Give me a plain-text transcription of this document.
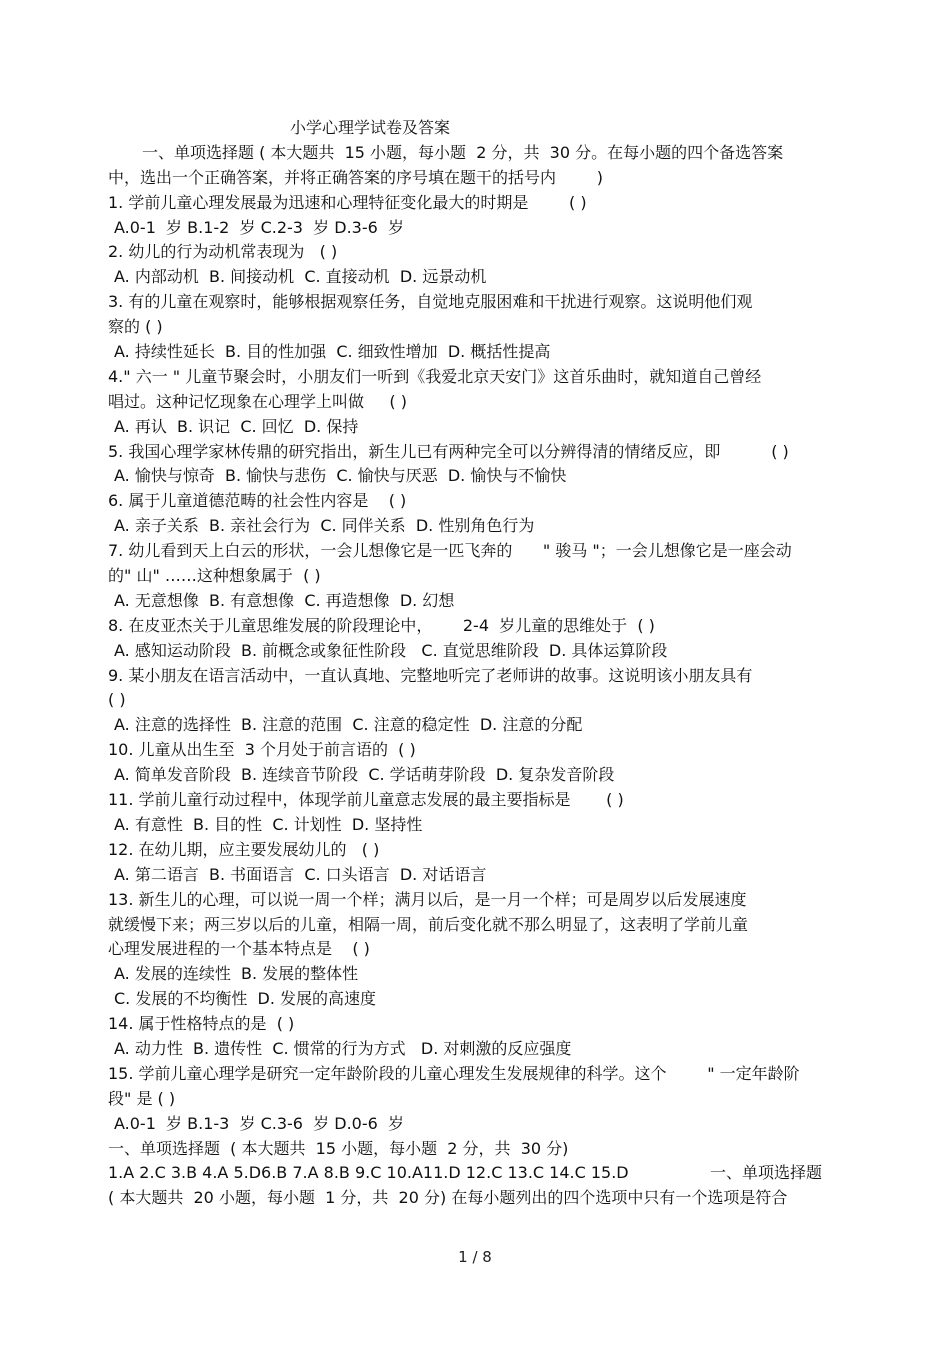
小学心理学试卷及答案
一、单项选择题 ( 本大题共  15 小题，每小题  2 分，共  30 分。在每小题的四个备选答案
中，选出一个正确答案，并将正确答案的序号填在题干的括号内        )
1. 学前儿童心理发展最为迅速和心理特征变化最大的时期是        ( )
A.0-1  岁 B.1-2  岁 C.2-3  岁 D.3-6  岁
2. 幼儿的行为动机常表现为   ( )
A. 内部动机  B. 间接动机  C. 直接动机  D. 远景动机
3. 有的儿童在观察时，能够根据观察任务，自觉地克服困难和干扰进行观察。这说明他们观
察的 ( )
A. 持续性延长  B. 目的性加强  C. 细致性增加  D. 概括性提高
4." 六一 " 儿童节聚会时，小朋友们一听到《我爱北京天安门》这首乐曲时，就知道自己曾经
唱过。这种记忆现象在心理学上叫做     ( )
A. 再认  B. 识记  C. 回忆  D. 保持
5. 我国心理学家林传鼎的研究指出，新生儿已有两种完全可以分辨得清的情绪反应，即          ( )
A. 愉快与惊奇  B. 愉快与悲伤  C. 愉快与厌恶  D. 愉快与不愉快
6. 属于儿童道德范畴的社会性内容是    ( )
A. 亲子关系  B. 亲社会行为  C. 同伴关系  D. 性别角色行为
7. 幼儿看到天上白云的形状，一会儿想像它是一匹飞奔的      " 骏马 "；一会儿想像它是一座会动
的" 山" ……这种想象属于  ( )
A. 无意想像  B. 有意想像  C. 再造想像  D. 幻想
8. 在皮亚杰关于儿童思维发展的阶段理论中，      2-4  岁儿童的思维处于  ( )
A. 感知运动阶段  B. 前概念或象征性阶段   C. 直觉思维阶段  D. 具体运算阶段
9. 某小朋友在语言活动中，一直认真地、完整地听完了老师讲的故事。这说明该小朋友具有
( )
A. 注意的选择性  B. 注意的范围  C. 注意的稳定性  D. 注意的分配
10. 儿童从出生至  3 个月处于前言语的  ( )
A. 简单发音阶段  B. 连续音节阶段  C. 学话萌芽阶段  D. 复杂发音阶段
11. 学前儿童行动过程中，体现学前儿童意志发展的最主要指标是       ( )
A. 有意性  B. 目的性  C. 计划性  D. 坚持性
12. 在幼儿期，应主要发展幼儿的   ( )
A. 第二语言  B. 书面语言  C. 口头语言  D. 对话语言
13. 新生儿的心理，可以说一周一个样；满月以后，是一月一个样；可是周岁以后发展速度
就缓慢下来；两三岁以后的儿童，相隔一周，前后变化就不那么明显了，这表明了学前儿童
心理发展进程的一个基本特点是    ( )
A. 发展的连续性  B. 发展的整体性
C. 发展的不均衡性  D. 发展的高速度
14. 属于性格特点的是  ( )
A. 动力性  B. 遗传性  C. 惯常的行为方式   D. 对刺激的反应强度
15. 学前儿童心理学是研究一定年龄阶段的儿童心理发生发展规律的科学。这个        " 一定年龄阶
段" 是 ( )
A.0-1  岁 B.1-3  岁 C.3-6  岁 D.0-6  岁
一、单项选择题  ( 本大题共  15 小题，每小题  2 分，共  30 分)
1.A 2.C 3.B 4.A 5.D6.B 7.A 8.B 9.C 10.A11.D 12.C 13.C 14.C 15.D                一、单项选择题
( 本大题共  20 小题，每小题  1 分，共  20 分) 在每小题列出的四个选项中只有一个选项是符合
1 / 8
